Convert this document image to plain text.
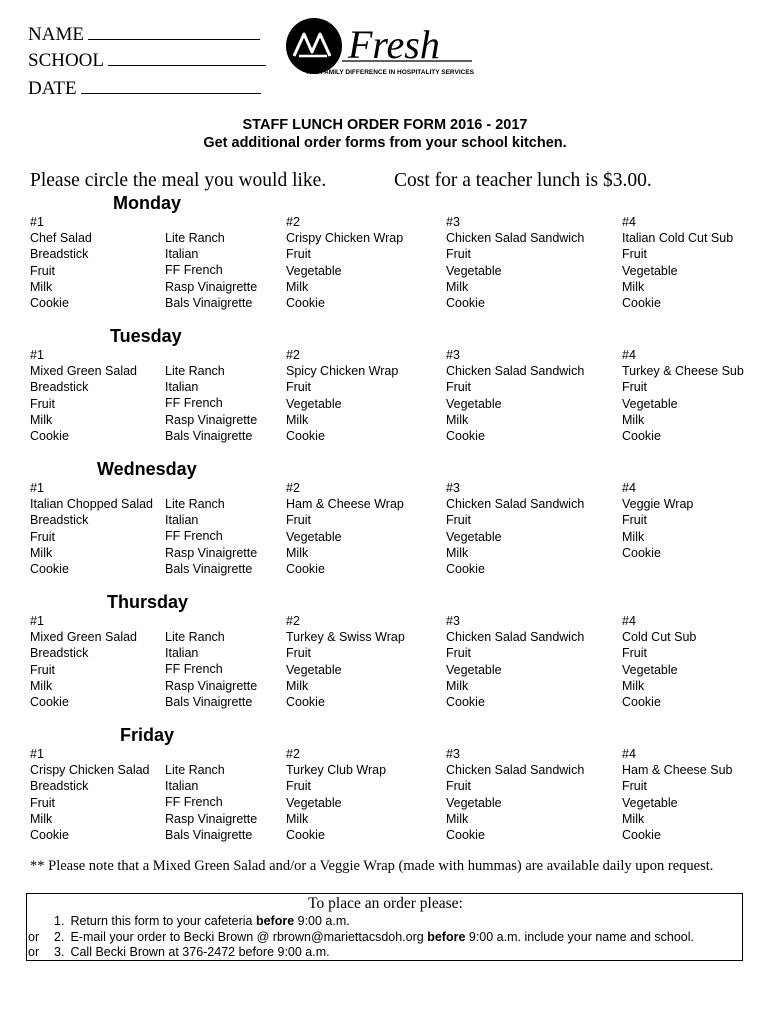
NAME
SCHOOL
DATE
Fresh
THE FAMILY DIFFERENCE IN HOSPITALITY SERVICES
STAFF LUNCH ORDER FORM 2016 - 2017
Get additional order forms from your school kitchen.
Please circle the meal you would like.	Cost for a teacher lunch is $3.00.
Monday
#1
Chef Salad
Breadstick
Fruit
Milk
Cookie
Lite Ranch
Italian
FF French
Rasp Vinaigrette
Bals Vinaigrette
#2
Crispy Chicken Wrap
Fruit
Vegetable
Milk
Cookie
#3
Chicken Salad Sandwich
Fruit
Vegetable
Milk
Cookie
#4
Italian Cold Cut Sub
Fruit
Vegetable
Milk
Cookie
Tuesday
#1
Mixed Green Salad
Breadstick
Fruit
Milk
Cookie
Lite Ranch
Italian
FF French
Rasp Vinaigrette
Bals Vinaigrette
#2
Spicy Chicken Wrap
Fruit
Vegetable
Milk
Cookie
#3
Chicken Salad Sandwich
Fruit
Vegetable
Milk
Cookie
#4
Turkey & Cheese Sub
Fruit
Vegetable
Milk
Cookie
Wednesday
#1
Italian Chopped Salad
Breadstick
Fruit
Milk
Cookie
Lite Ranch
Italian
FF French
Rasp Vinaigrette
Bals Vinaigrette
#2
Ham & Cheese Wrap
Fruit
Vegetable
Milk
Cookie
#3
Chicken Salad Sandwich
Fruit
Vegetable
Milk
Cookie
#4
Veggie Wrap
Fruit
Milk
Cookie
Thursday
#1
Mixed Green Salad
Breadstick
Fruit
Milk
Cookie
Lite Ranch
Italian
FF French
Rasp Vinaigrette
Bals Vinaigrette
#2
Turkey & Swiss Wrap
Fruit
Vegetable
Milk
Cookie
#3
Chicken Salad Sandwich
Fruit
Vegetable
Milk
Cookie
#4
Cold Cut Sub
Fruit
Vegetable
Milk
Cookie
Friday
#1
Crispy Chicken Salad
Breadstick
Fruit
Milk
Cookie
Lite Ranch
Italian
FF French
Rasp Vinaigrette
Bals Vinaigrette
#2
Turkey Club Wrap
Fruit
Vegetable
Milk
Cookie
#3
Chicken Salad Sandwich
Fruit
Vegetable
Milk
Cookie
#4
Ham & Cheese Sub
Fruit
Vegetable
Milk
Cookie
** Please note that a Mixed Green Salad and/or a Veggie Wrap (made with hummas) are available daily upon request.
To place an order please:
1. Return this form to your cafeteria before 9:00 a.m.
or 2. E-mail your order to Becki Brown @ rbrown@mariettacsdoh.org before 9:00 a.m. include your name and school.
or 3. Call Becki Brown at 376-2472 before 9:00 a.m.
